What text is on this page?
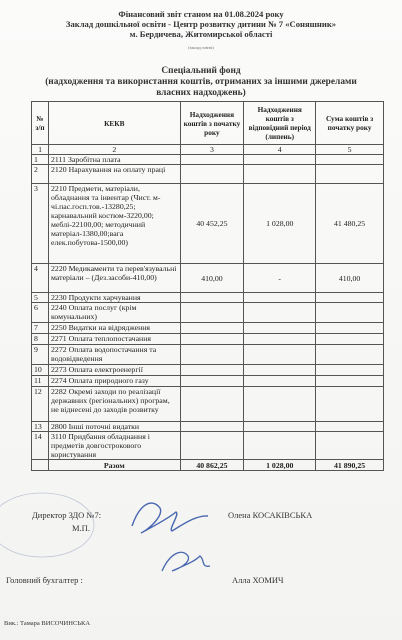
Фінансовий звіт станом на 01.08.2024 року
Заклад дошкільної освіти - Центр розвитку дитини № 7 «Соняшник»
м. Бердичева, Житомирської області
(заклад освіти)
Спеціальний фонд
(надходження та використання коштів, отриманих за іншими джерелами
власних надходжень)
№ з/п	КЕКВ	Надходження коштів з початку року	Надходження коштів з відповідний період (липень)	Сума коштів з початку року
1	2	3	4	5
1	2111 Заробітна плата			
2	2120 Нарахування на оплату праці			
3	2210 Предмети, матеріали, обладнання та інвентар (Чист. м-чі.пас.госп.тов.-13280,25; карнавальний костюм-3220,00; меблі-22100,00; методичний матеріал-1380,00;вага елек.побутова-1500,00)	40 452,25	1 028,00	41 480,25
4	2220 Медикаменти та перев'язувальні матеріали – (Дез.засоби-410,00)	410,00	-	410,00
5	2230 Продукти харчування			
6	2240 Оплата послуг (крім комунальних)			
7	2250 Видатки на відрядження			
8	2271 Оплата теплопостачання			
9	2272 Оплата водопостачання та водовідведення			
10	2273 Оплата електроенергії			
11	2274 Оплата природного газу			
12	2282 Окремі заходи по реалізації державних (регіональних) програм, не віднесені до заходів розвитку			
13	2800 Інші поточні видатки			
14	3110 Придбання обладнання і предметів довгострокового користування			
	Разом	40 862,25	1 028,00	41 890,25
Директор ЗДО №7:	Олена КОСАКІВСЬКА
М.П.
Головний бухгалтер :	Алла ХОМИЧ
Вик.: Тамара ВИСОЧИНСЬКА
